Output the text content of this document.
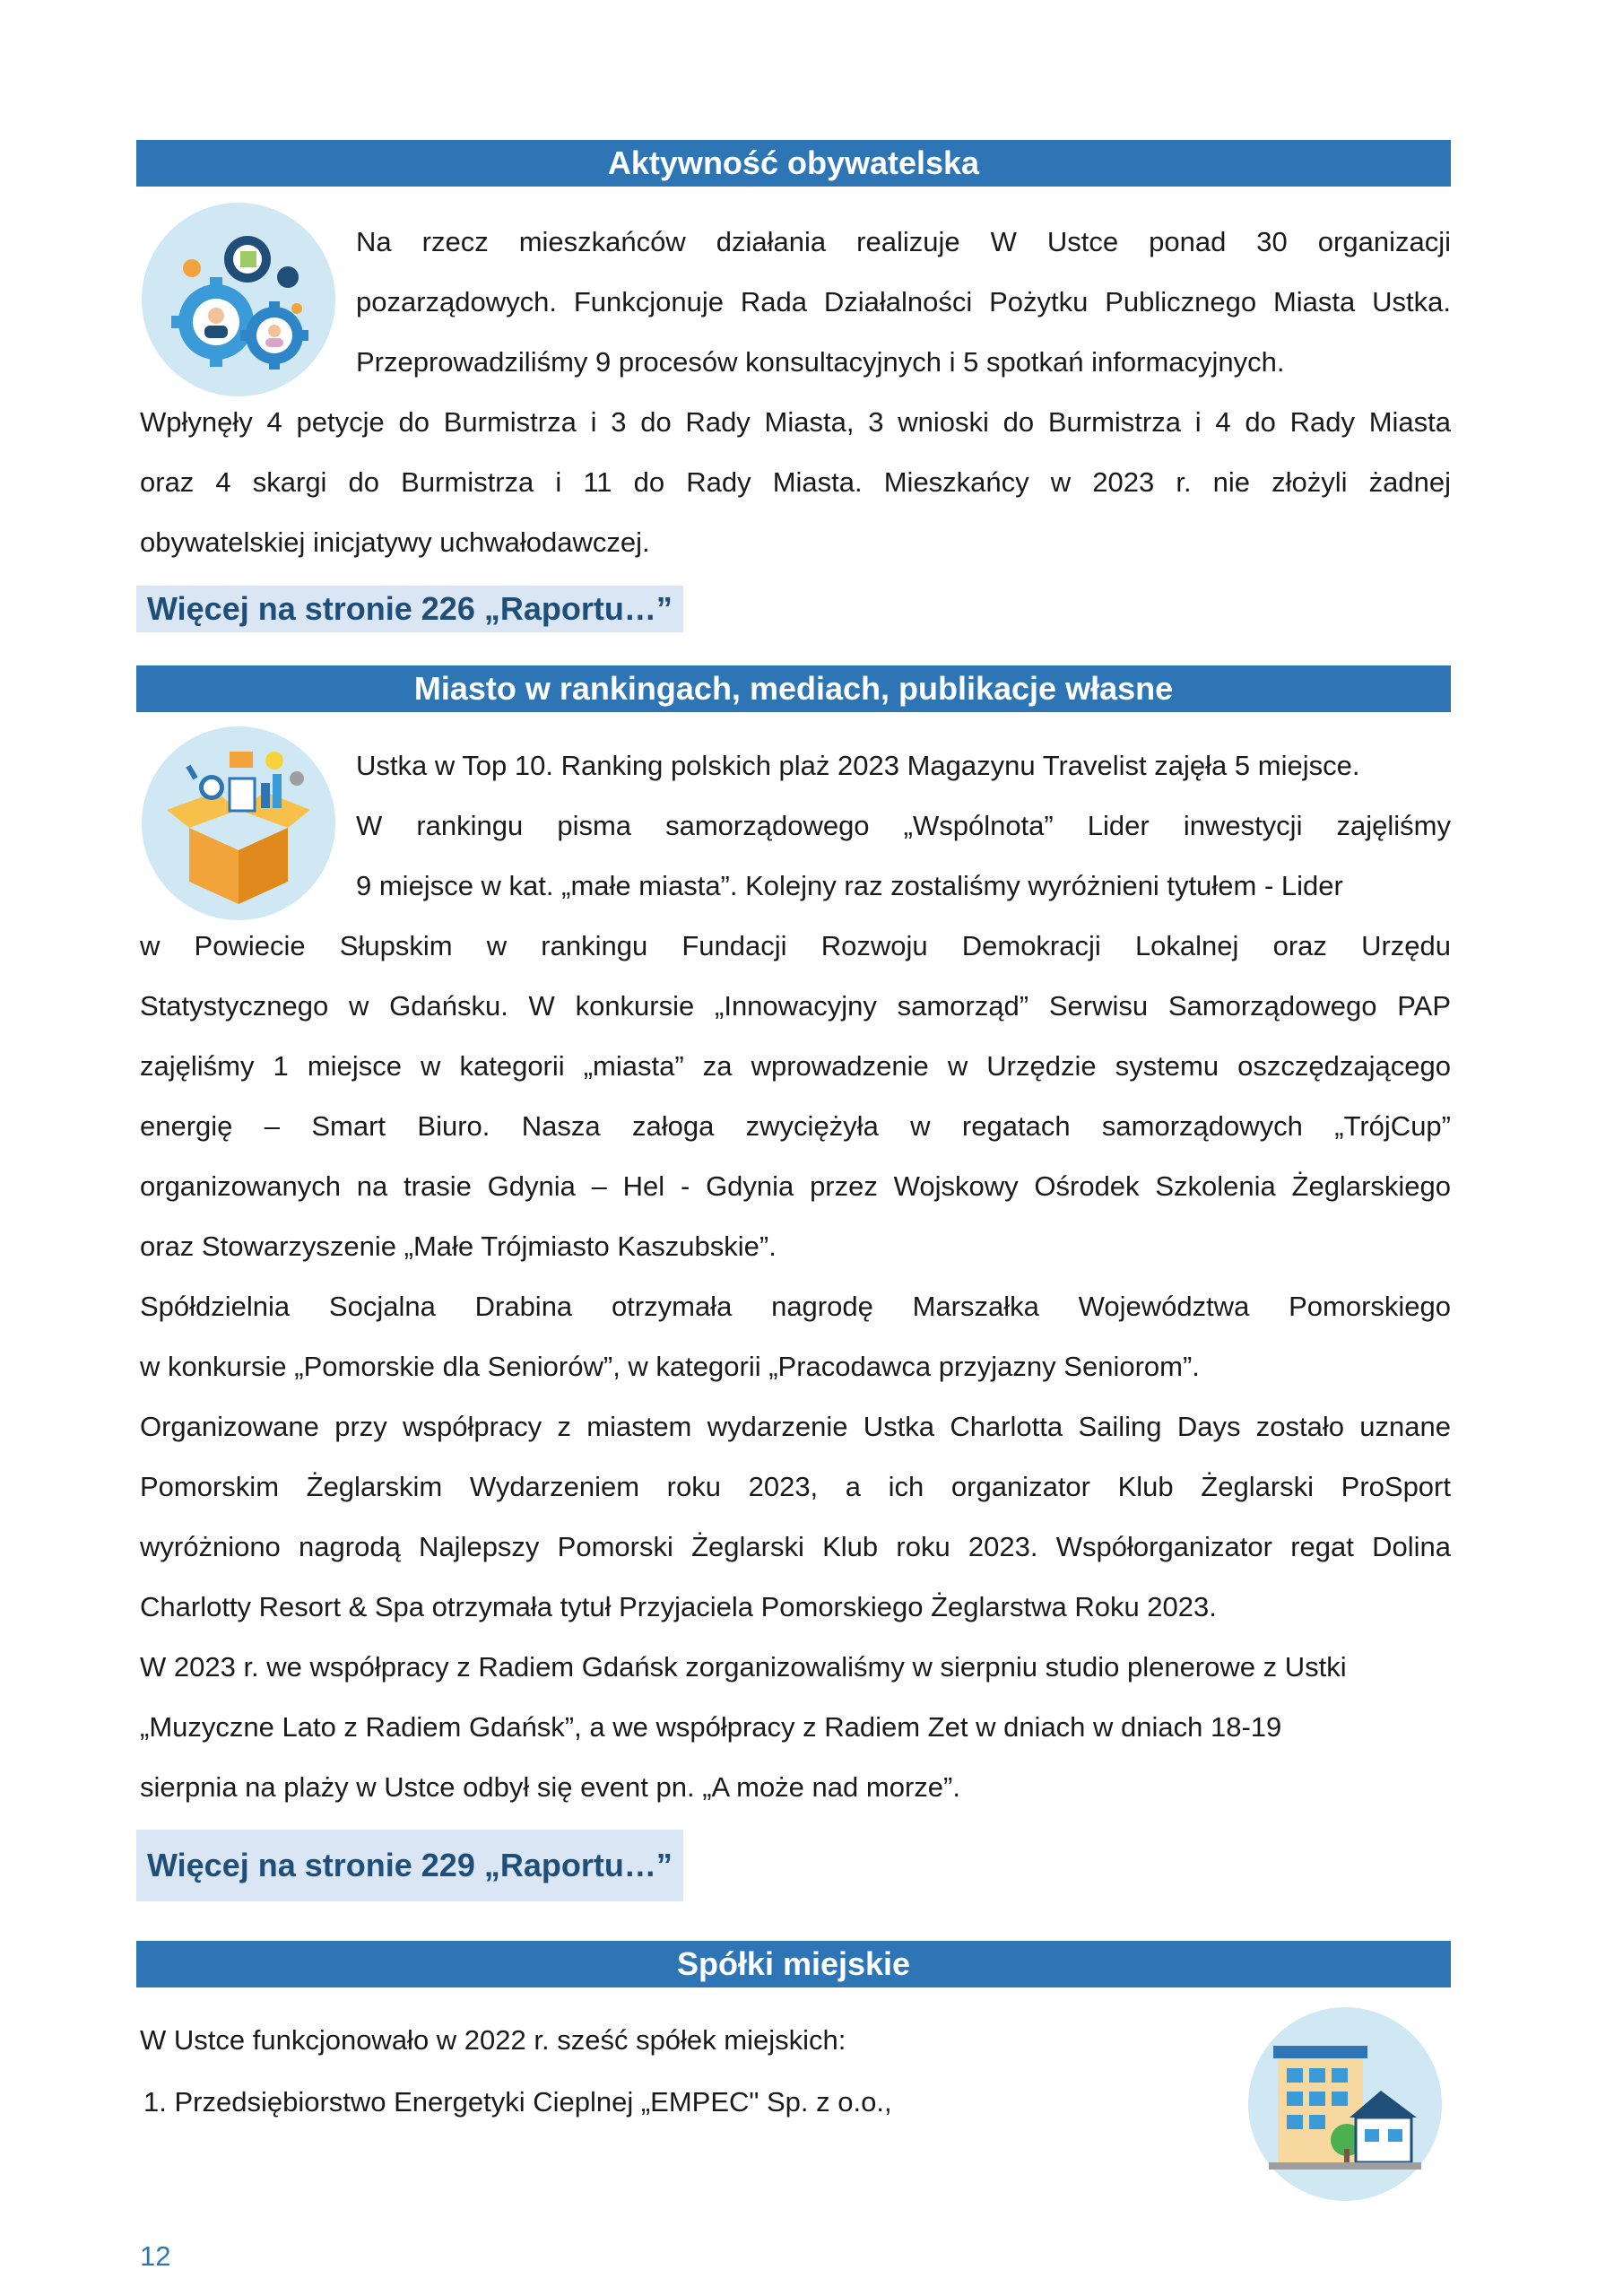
Aktywność obywatelska
Na rzecz mieszkańców działania realizuje W Ustce ponad 30 organizacji
pozarządowych. Funkcjonuje Rada Działalności Pożytku Publicznego Miasta Ustka.
Przeprowadziliśmy 9 procesów konsultacyjnych i 5 spotkań informacyjnych.
Wpłynęły 4 petycje do Burmistrza i 3 do Rady Miasta, 3 wnioski do Burmistrza i 4 do Rady Miasta
oraz 4 skargi do Burmistrza i 11 do Rady Miasta. Mieszkańcy w 2023 r. nie złożyli żadnej
obywatelskiej inicjatywy uchwałodawczej.
Więcej na stronie 226 „Raportu…”
Miasto w rankingach, mediach, publikacje własne
Ustka w Top 10. Ranking polskich plaż 2023 Magazynu Travelist zajęła 5 miejsce.
W rankingu pisma samorządowego „Wspólnota” Lider inwestycji zajęliśmy
9 miejsce w kat. „małe miasta”. Kolejny raz zostaliśmy wyróżnieni tytułem - Lider
w Powiecie Słupskim w rankingu Fundacji Rozwoju Demokracji Lokalnej oraz Urzędu
Statystycznego w Gdańsku. W konkursie „Innowacyjny samorząd” Serwisu Samorządowego PAP
zajęliśmy 1 miejsce w kategorii „miasta” za wprowadzenie w Urzędzie systemu oszczędzającego
energię – Smart Biuro. Nasza załoga zwyciężyła w regatach samorządowych „TrójCup”
organizowanych na trasie Gdynia – Hel - Gdynia przez Wojskowy Ośrodek Szkolenia Żeglarskiego
oraz Stowarzyszenie „Małe Trójmiasto Kaszubskie”.
Spółdzielnia Socjalna Drabina otrzymała nagrodę Marszałka Województwa Pomorskiego
w konkursie „Pomorskie dla Seniorów”, w kategorii „Pracodawca przyjazny Seniorom”.
Organizowane przy współpracy z miastem wydarzenie Ustka Charlotta Sailing Days zostało uznane
Pomorskim Żeglarskim Wydarzeniem roku 2023, a ich organizator Klub Żeglarski ProSport
wyróżniono nagrodą Najlepszy Pomorski Żeglarski Klub roku 2023. Współorganizator regat Dolina
Charlotty Resort & Spa otrzymała tytuł Przyjaciela Pomorskiego Żeglarstwa Roku 2023.
W 2023 r. we współpracy z Radiem Gdańsk zorganizowaliśmy w sierpniu studio plenerowe z Ustki
„Muzyczne Lato z Radiem Gdańsk”, a we współpracy z Radiem Zet w dniach w dniach 18-19
sierpnia na plaży w Ustce odbył się event pn. „A może nad morze”.
Więcej na stronie 229 „Raportu…”
Spółki miejskie
W Ustce funkcjonowało w 2022 r. sześć spółek miejskich:
1. Przedsiębiorstwo Energetyki Cieplnej „EMPEC" Sp. z o.o.,
12
